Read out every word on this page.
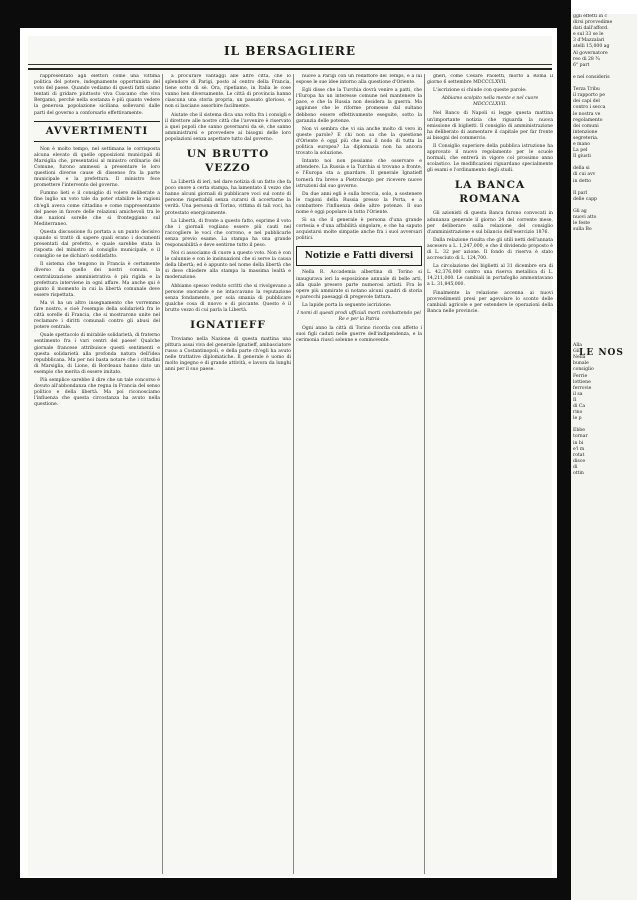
IL BERSAGLIERE

rappresentato agli elettori come una vittima politica del potere, indegnamente opportunista del voto del paese. Quando vediamo di questi fatti siamo tentati di gridare piuttosto viva Cuscamo che viva Bergamo, perchè nella sostanza è più quanto vedere la generosa popolazione siciliana sollevarsi dalle parti del governo a conforsarlo effettivamente.

AVVERTIMENTI

Non è molto tempo, nel settimana le corrisposta alcuna elevato di quelle opposizioni municipali di Marsiglia che, presentatisi al ministro ordinario del Comune, furono ammessi a presentare le loro questioni diverse cause di dissenso fra la parte municipale e la prefettura. Il ministro fece promettere l'intervento del governo.

Fummo lieti e il consiglio di volere deliberate a fine luglio un voto tale da poter stabilire le ragioni ch'egli aveva come cittadino e come rappresentante del paese in favore delle relazioni amichevoli tra le due nazioni sorelle che si fronteggiano sul Mediterraneo.

Questa discussione fu portata a un punto decisivo quando si trattò di sapere quali erano i documenti presentati dal prefetto, e quale sarebbe stata la risposta del ministro al consiglio municipale, e il consiglio se ne dichiarò soddisfatto.

Il sistema che tengono in Francia è certamente diverso da quello dei nostri comuni, la centralizzazione amministrativa è più rigida e la prefettura interviene in ogni affare. Ma anche qui è giunto il momento in cui la libertà comunale deve essere rispettata.

Ma vi ha un altro insegnamento che vorremmo fare nostro, e cioè l'esempio della solidarietà fra le città sorelle di Francia, che si mostrarono unite nel reclamare i diritti comunali contro gli abusi del potere centrale.

Quale spettacolo di mirabile solidarietà, di fraterno sentimento fra i vari centri del paese! Qualche giornale francese attribuisce questi sentimenti e questa solidarietà alla profonda natura dell'idea repubblicana. Ma per noi basta notare che i cittadini di Marsiglia, di Lione, di Bordeaux hanno dato un esempio che merita di essere imitato.

Più semplice sarebbe il dire che un tale concorso è dovuto all'abbondanza che regna in Francia del senso politico e della libertà. Ma poi riconosciamo l'influenza che questa circostanza ha avuto nella questione.

a procurare vantaggi alle altre città, che lo splendore di Parigi, posto al centro della Francia, tiene sotto di sè. Ora, ripetiamo, in Italia le cose vanno ben diversamente. Le città di provincia hanno ciascuna una storia propria, un passato glorioso, e non si lasciano assorbire facilmente.

Aiutate che il sistema dica una volta fra i consigli e il direttore alle nostre città che l'avvenire è riservato a quei popoli che sanno governarsi da sè, che sanno amministrarsi e provvedere ai bisogni delle loro popolazioni senza aspettare tutto dal governo.

UN BRUTTO VEZZO

La Libertà di ieri, nel dare notizia di un fatto che fa poco onore a certa stampa, ha lamentato il vezzo che hanno alcuni giornali di pubblicare voci sul conto di persone rispettabili senza curarsi di accertarne la verità. Una persona di Torino, vittima di tali voci, ha protestato energicamente.

La Libertà, di fronte a questo fatto, esprime il voto che i giornali vogliano essere più cauti nel raccogliere le voci che corrono, e nel pubblicarle senza previo esame. La stampa ha una grande responsabilità e deve sentirne tutto il peso.

Noi ci associamo di cuore a questo voto. Non è con le calunnie e con le insinuazioni che si serve la causa della libertà; ed è appunto nel nome della libertà che si deve chiedere alla stampa la massima lealtà e moderazione.

Abbiamo spesso veduto scritti che si rivolgevano a persone onorande e ne intaccavano la reputazione senza fondamento, per sola smania di pubblicare qualche cosa di nuovo e di piccante. Questo è il brutto vezzo di cui parla la Libertà.

IGNATIEFF

Troviamo nella Nazione di questa mattina una pittura assai viva del generale Ignatieff, ambasciatore russo a Costantinopoli, e della parte ch'egli ha avuto nelle trattative diplomatiche. Il generale è uomo di molto ingegno e di grande attività, e lavora da lunghi anni per il suo paese.

nuove a Parigi con un redattore del Temps, e a lui espose le sue idee intorno alla questione d'Oriente.

Egli disse che la Turchia dovrà venire a patti, che l'Europa ha un interesse comune nel mantenere la pace, e che la Russia non desidera la guerra. Ma aggiunse che le riforme promesse dal sultano debbono essere effettivamente eseguite, sotto la garanzia delle potenze.

Non vi sembra che vi sia anche molto di vero in queste parole? E chi non sa che la questione d'Oriente è oggi più che mai il nodo di tutta la politica europea? La diplomazia non ha ancora trovato la soluzione.

Intanto noi non possiamo che osservare e attendere. La Russia e la Turchia si trovano a fronte, e l'Europa sta a guardare. Il generale Ignatieff tornerà fra breve a Pietroburgo per ricevere nuove istruzioni dal suo governo.

Da due anni egli è sulla breccia, solo, a sostenere le ragioni della Russia presso la Porta, e a combattere l'influenza delle altre potenze. Il suo nome è oggi popolare in tutto l'Oriente.

Si sa che il generale è persona d'una grande cortesia e d'una affabilità singolare, e che ha saputo acquistarsi molte simpatie anche fra i suoi avversari politici.

Notizie e Fatti diversi

Nella R. Accademia albertina di Torino si inaugurava ieri la esposizione annuale di belle arti, alla quale presero parte numerosi artisti. Fra le opere più ammirate si notano alcuni quadri di storia e parecchi paesaggi di pregevole fattura.

La lapide porta la seguente iscrizione:

I nomi di questi prodi ufficiali morti combattendo pel Re e per la Patria

Ogni anno la città di Torino ricorda con affetto i suoi figli caduti nelle guerre dell'indipendenza, e la cerimonia riuscì solenne e commovente.

gheri, come Cesare Paoletti, morto a Roma il giorno 6 settembre MDCCCLXVII.

L'iscrizione si chiude con queste parole:

Abbiamo scolpito nella mente e nel cuore MDCCCLXVII.

Nel Banco di Napoli si legge questa mattina un'importante notizia che riguarda la nuova emissione di biglietti. Il consiglio di amministrazione ha deliberato di aumentare il capitale per far fronte ai bisogni del commercio.

Il Consiglio superiore della pubblica istruzione ha approvato il nuovo regolamento per le scuole normali, che entrerà in vigore col prossimo anno scolastico. Le modificazioni riguardano specialmente gli esami e l'ordinamento degli studi.

LA BANCA ROMANA

Gli azionisti di questa Banca furono convocati in adunanza generale il giorno 24 del corrente mese, per deliberare sulla relazione del consiglio d'amministrazione e sul bilancio dell'esercizio 1876.

Dalla relazione risulta che gli utili netti dell'annata ascesero a L. 1,247,000, e che il dividendo proposto è di L. 32 per azione. Il fondo di riserva è stato accresciuto di L. 124,700.

La circolazione dei biglietti al 31 dicembre era di L. 42,376,000 contro una riserva metallica di L. 14,211,000. Le cambiali in portafoglio ammontavano a L. 31,845,000.

Finalmente la relazione accenna ai nuovi provvedimenti presi per agevolare lo sconto delle cambiali agricole e per estendere le operazioni della Banca nelle provincie.

ggli effetti in c
dirsi provvedime
dati dall'afford.
e sul 33 se le
3 d'Mazzalari
atelli 15,000 ag
Al governatore
reo di 28 ¾
6° part

e nel consideris

Terza Tribu
il rapporto pe
dei capi del
contro i secca
le nostra ve
regolamento
dei comuni
intenzione
segreteria.
e mano
La pel
Il giusti

della si
di cui avv
in detto

Il parl
delle capp

Gli ag
nuovi atto
le feste
sulla Bo

Alla
Gli
Nella
bunale
consiglio
Ferrie
lottiene
ferrovie
il sa
Il
di Ca
rino
le p

Ebbe
tornar
in bi
e'l m
rotat
disce
di
ottin
LE NOS
